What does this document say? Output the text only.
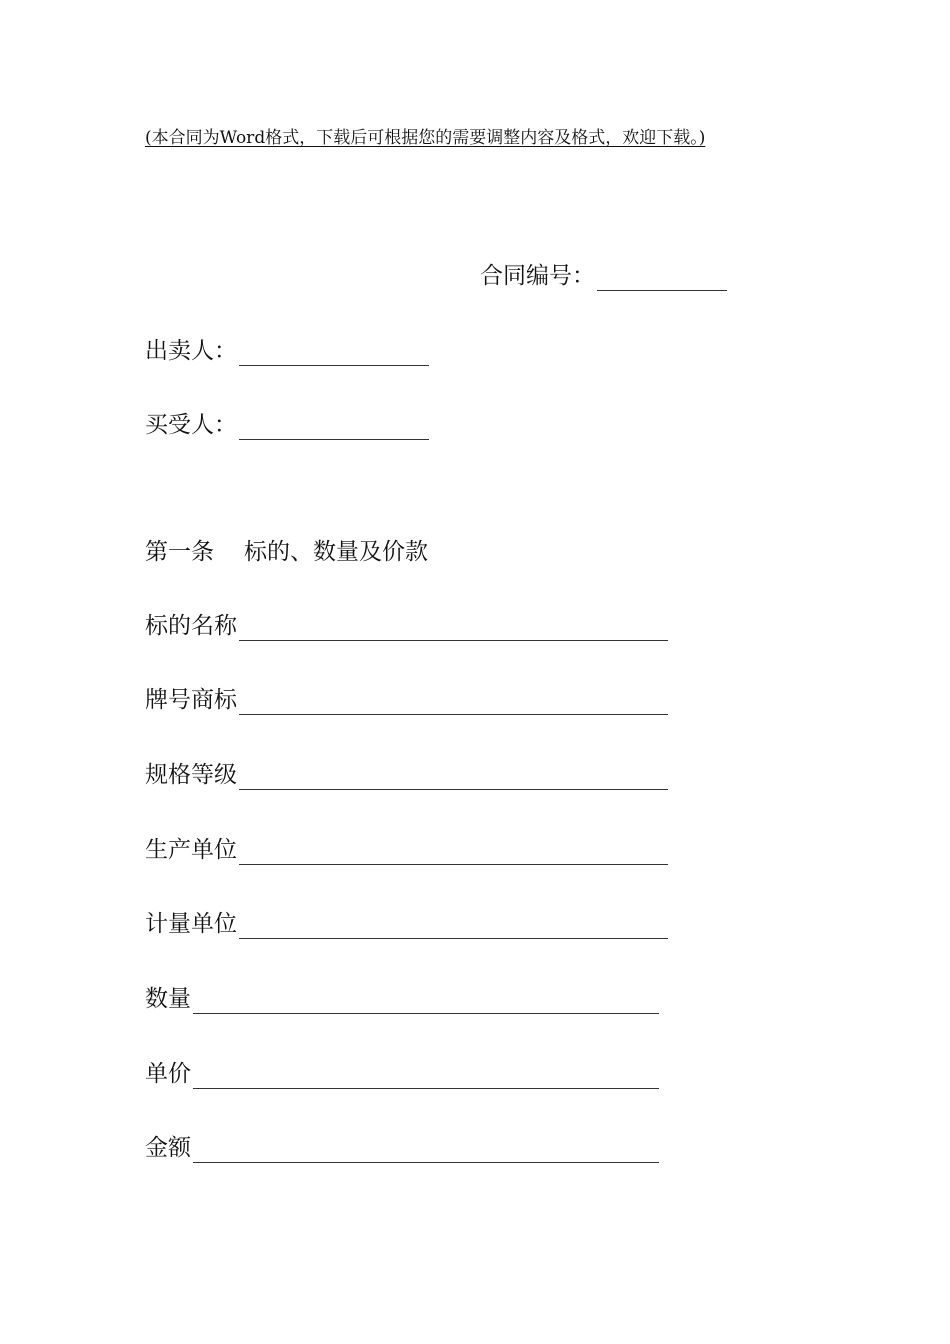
(本合同为Word格式，下载后可根据您的需要调整内容及格式，欢迎下载。)
合同编号：
出卖人：
买受人：
第一条 标的、数量及价款
标的名称
牌号商标
规格等级
生产单位
计量单位
数量
单价
金额
